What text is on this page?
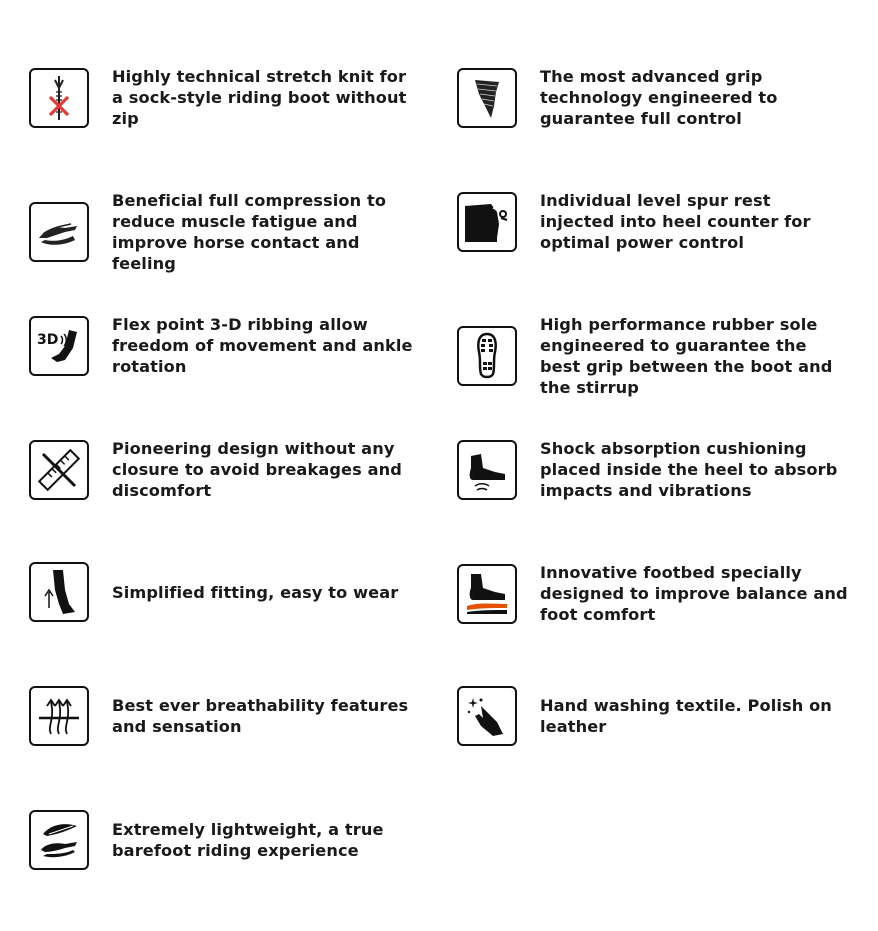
Highly technical stretch knit for a sock-style riding boot without zip
The most advanced grip technology engineered to guarantee full control
Beneficial full compression to reduce muscle fatigue and improve horse contact and feeling
Individual level spur rest injected into heel counter for optimal power control
3D
Flex point 3-D ribbing allow freedom of movement and ankle rotation
High performance rubber sole engineered to guarantee the best grip between the boot and the stirrup
Pioneering design without any closure to avoid breakages and discomfort
Shock absorption cushioning placed inside the heel to absorb impacts and vibrations
Simplified fitting, easy to wear
Innovative footbed specially designed to improve balance and foot comfort
Best ever breathability features and sensation
Hand washing textile. Polish on leather
Extremely lightweight, a true barefoot riding experience
